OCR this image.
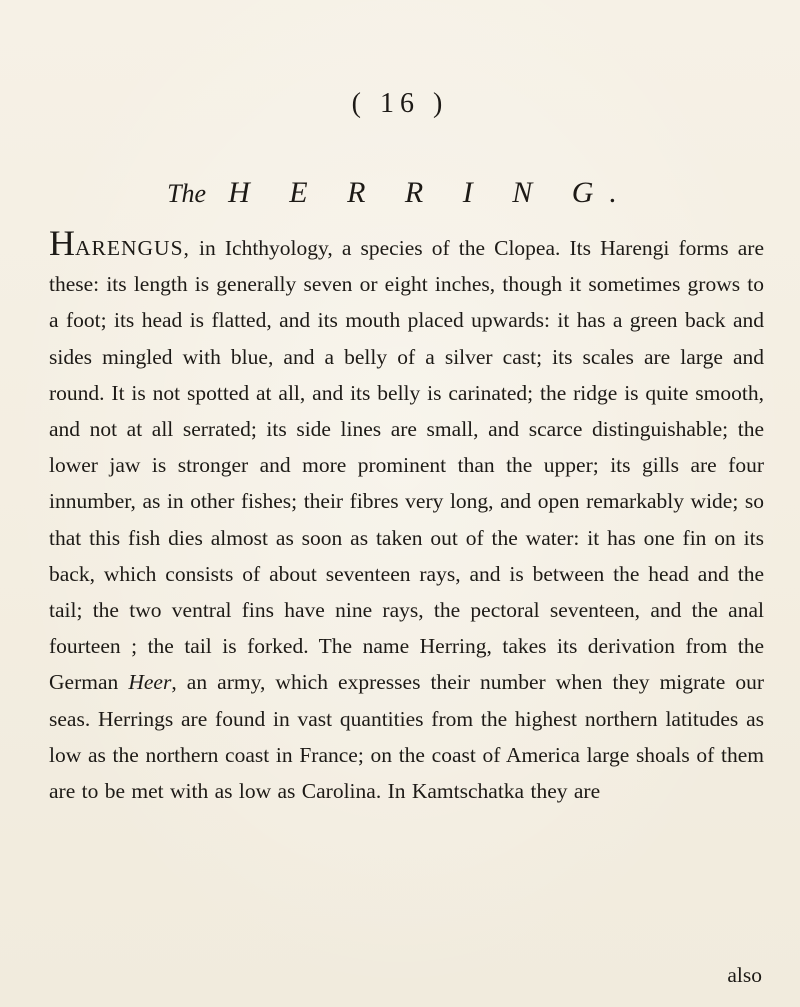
( 16 )
The H E R R I N G.
HARENGUS, in Ichthyology, a species of the Clopea. Its Harengi forms are these: its length is generally seven or eight inches, though it sometimes grows to a foot; its head is flatted, and its mouth placed upwards: it has a green back and sides mingled with blue, and a belly of a silver cast; its scales are large and round. It is not spotted at all, and its belly is carinated; the ridge is quite smooth, and not at all serrated; its side lines are small, and scarce distinguishable; the lower jaw is stronger and more prominent than the upper; its gills are four innumber, as in other fishes; their fibres very long, and open remarkably wide; so that this fish dies almost as soon as taken out of the water: it has one fin on its back, which consists of about seventeen rays, and is between the head and the tail; the two ventral fins have nine rays, the pectoral seventeen, and the anal fourteen ; the tail is forked. The name Herring, takes its derivation from the German Heer, an army, which expresses their number when they migrate our seas. Herrings are found in vast quantities from the highest northern latitudes as low as the northern coast in France; on the coast of America large shoals of them are to be met with as low as Carolina. In Kamtschatka they are
also
